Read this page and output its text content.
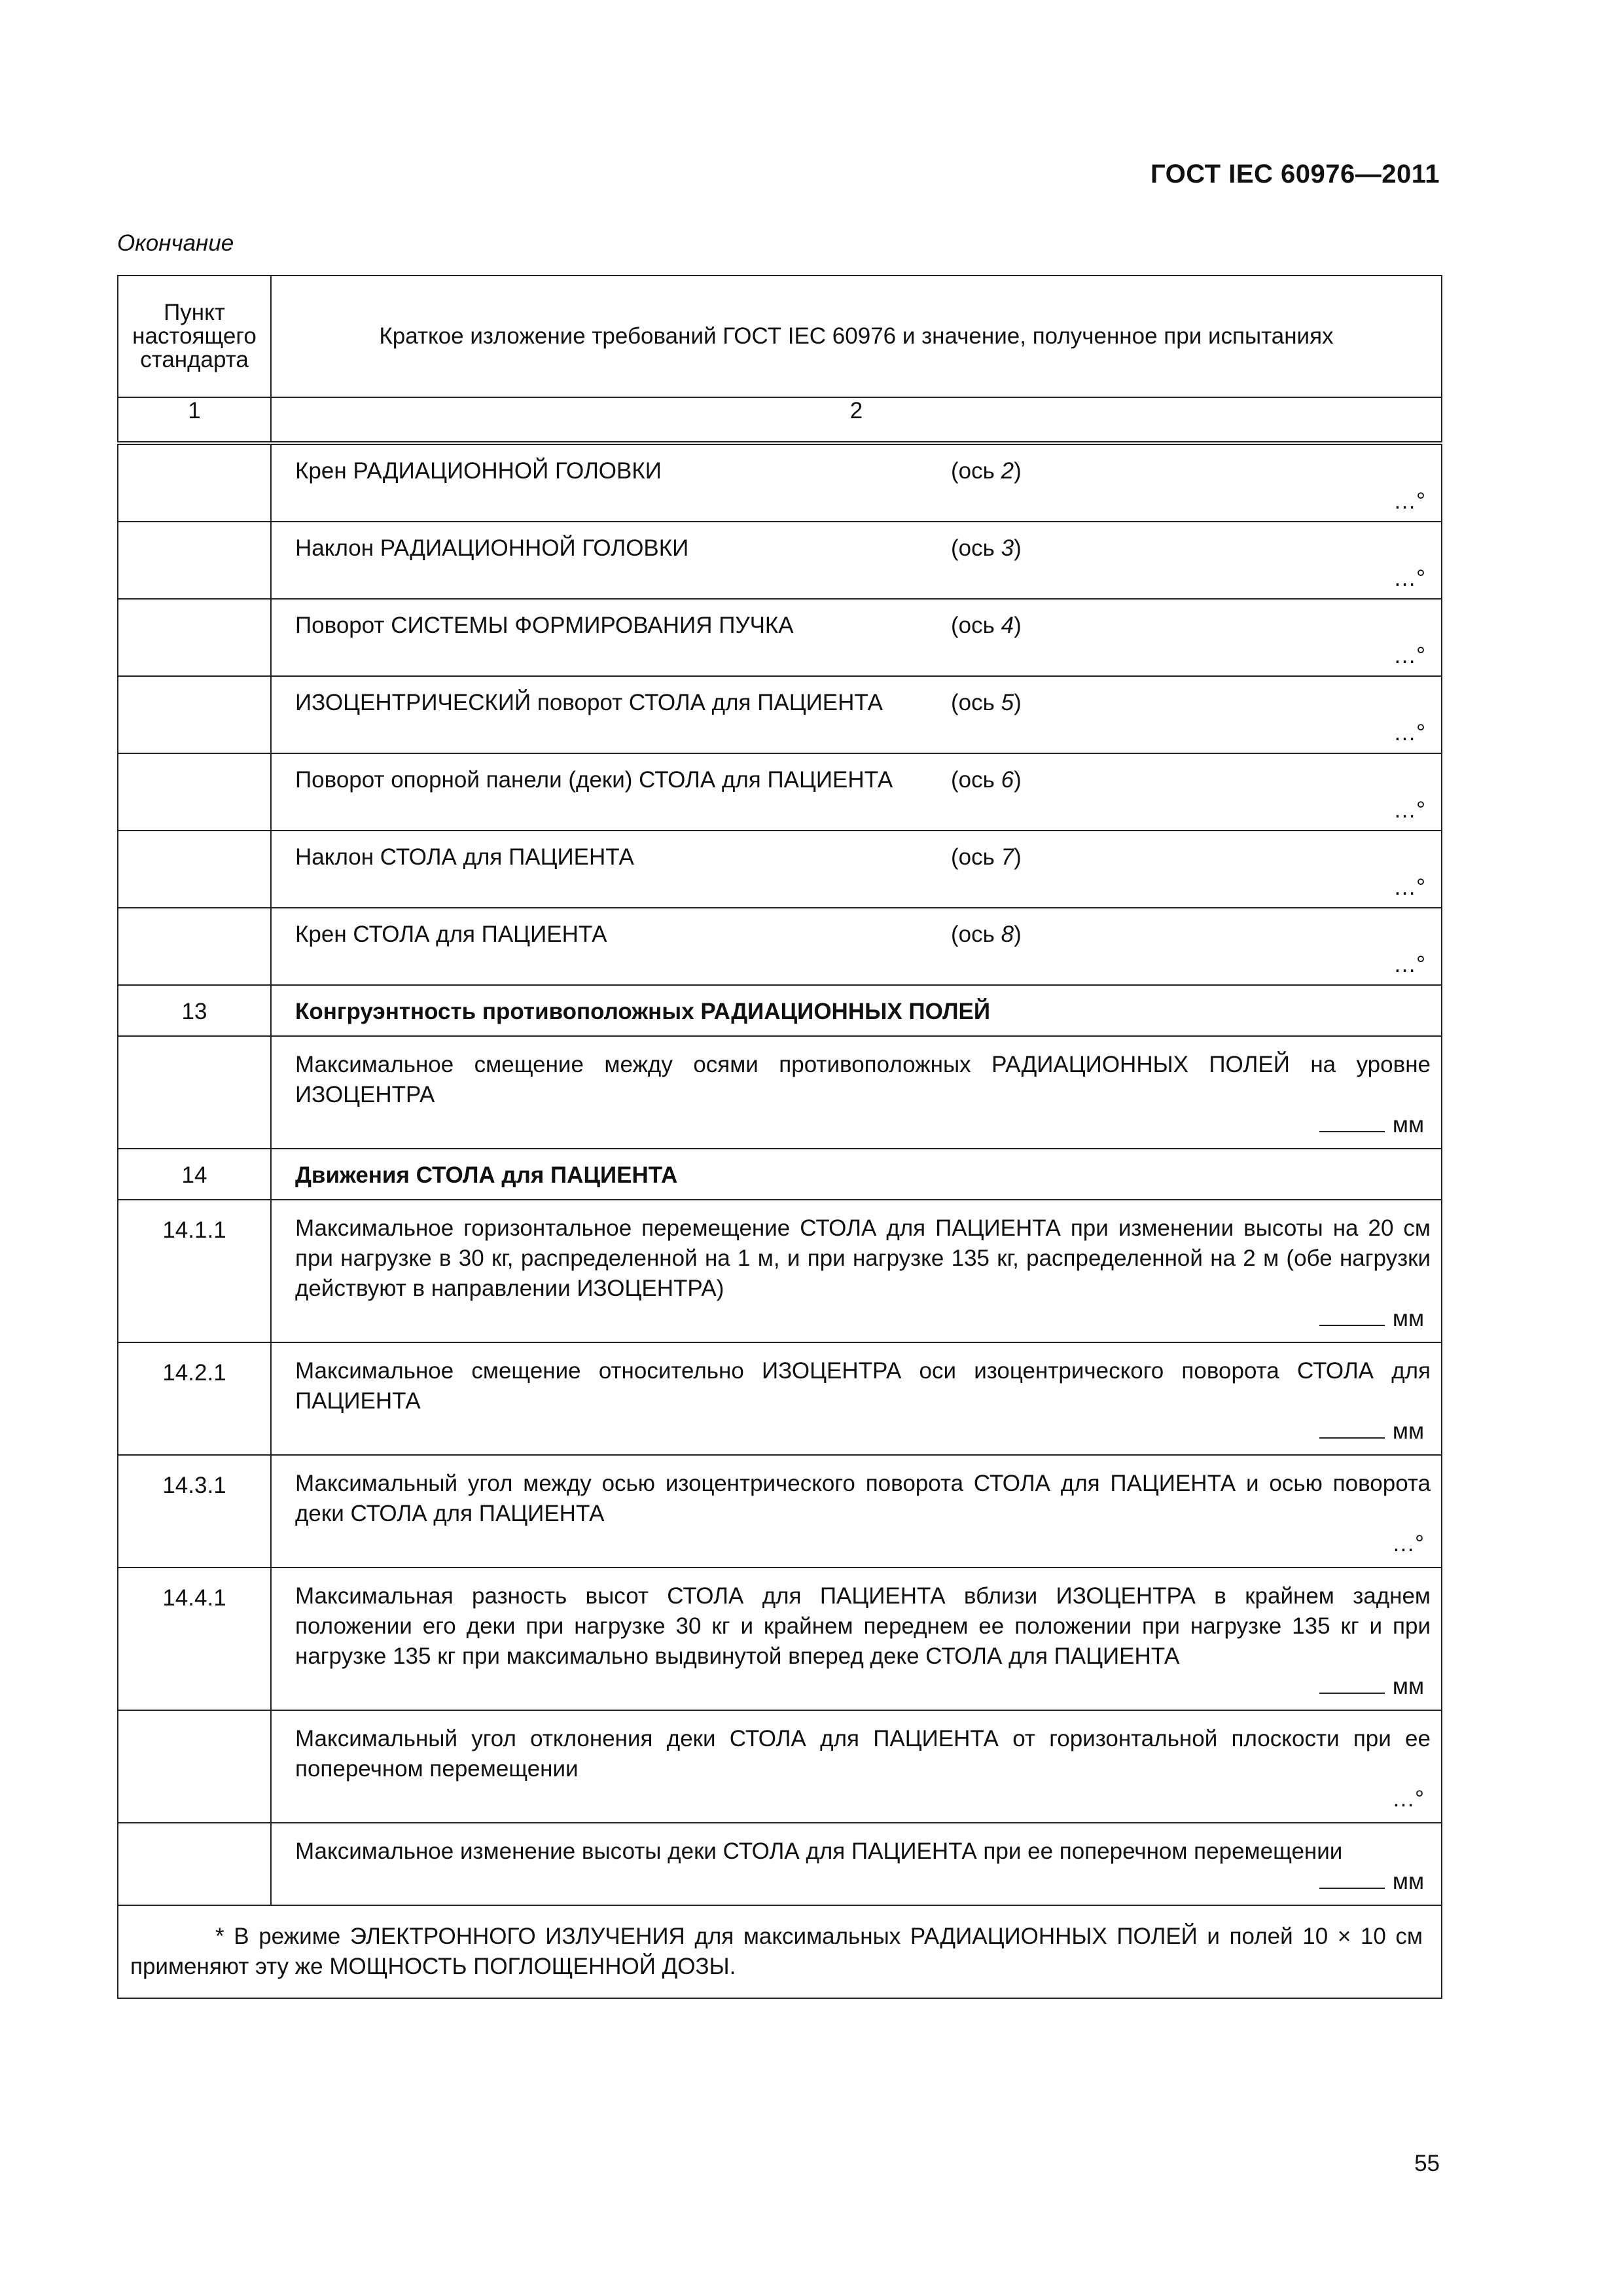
ГОСТ IEC 60976—2011
Окончание
Пункт настоящего стандарта	Краткое изложение требований ГОСТ IEC 60976 и значение, полученное при испытаниях

1	2

	Крен РАДИАЦИОННОЙ ГОЛОВКИ (ось 2)
…°

	Наклон РАДИАЦИОННОЙ ГОЛОВКИ (ось 3)
…°

	Поворот СИСТЕМЫ ФОРМИРОВАНИЯ ПУЧКА (ось 4)
…°

	ИЗОЦЕНТРИЧЕСКИЙ поворот СТОЛА для ПАЦИЕНТА (ось 5)
…°

	Поворот опорной панели (деки) СТОЛА для ПАЦИЕНТА (ось 6)
…°

	Наклон СТОЛА для ПАЦИЕНТА (ось 7)
…°

	Крен СТОЛА для ПАЦИЕНТА (ось 8)
…°

13	Конгруэнтность противоположных РАДИАЦИОННЫХ ПОЛЕЙ

	Максимальное смещение между осями противоположных РАДИАЦИОННЫХ ПОЛЕЙ на уровне ИЗОЦЕНТРА
мм

14	Движения СТОЛА для ПАЦИЕНТА
14.1.1	Максимальное горизонтальное перемещение СТОЛА для ПАЦИЕНТА при изменении высоты на 20 см при нагрузке в 30 кг, распределенной на 1 м, и при нагрузке 135 кг, распределенной на 2 м (обе нагрузки действуют в направлении ИЗОЦЕНТРА)
мм

14.2.1	Максимальное смещение относительно ИЗОЦЕНТРА оси изоцентрического поворота СТОЛА для ПАЦИЕНТА
мм

14.3.1	Максимальный угол между осью изоцентрического поворота СТОЛА для ПАЦИЕНТА и осью поворота деки СТОЛА для ПАЦИЕНТА
…°

14.4.1	Максимальная разность высот СТОЛА для ПАЦИЕНТА вблизи ИЗОЦЕНТРА в крайнем заднем положении его деки при нагрузке 30 кг и крайнем переднем ее положении при нагрузке 135 кг и при нагрузке 135 кг при максимально выдвинутой вперед деке СТОЛА для ПАЦИЕНТА
мм

	Максимальный угол отклонения деки СТОЛА для ПАЦИЕНТА от горизонтальной плоскости при ее поперечном перемещении
…°

	Максимальное изменение высоты деки СТОЛА для ПАЦИЕНТА при ее поперечном перемещении
мм

* В режиме ЭЛЕКТРОННОГО ИЗЛУЧЕНИЯ для максимальных РАДИАЦИОННЫХ ПОЛЕЙ и полей 10 × 10 см применяют эту же МОЩНОСТЬ ПОГЛОЩЕННОЙ ДОЗЫ.	
55
